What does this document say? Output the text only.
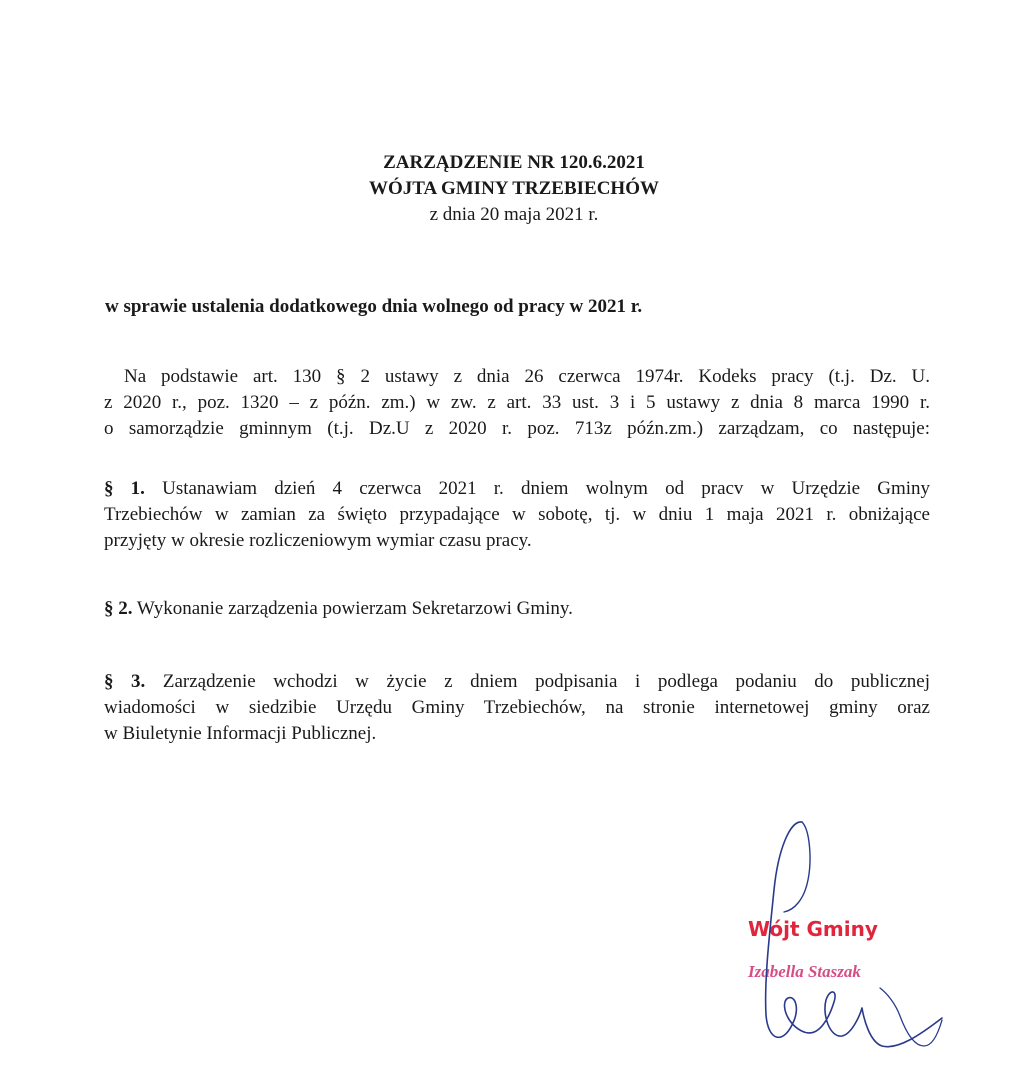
ZARZĄDZENIE NR 120.6.2021
WÓJTA GMINY TRZEBIECHÓW
z dnia 20 maja 2021 r.
w sprawie ustalenia dodatkowego dnia wolnego od pracy w 2021 r.
Na podstawie art. 130 § 2 ustawy z dnia 26 czerwca 1974r. Kodeks pracy (t.j. Dz. U.
z 2020 r., poz. 1320 – z późn. zm.) w zw. z art. 33 ust. 3 i 5 ustawy z dnia 8 marca 1990 r.
o samorządzie gminnym (t.j. Dz.U z 2020 r. poz. 713z późn.zm.) zarządzam, co następuje:
§ 1. Ustanawiam dzień 4 czerwca 2021 r. dniem wolnym od pracv w Urzędzie Gminy
Trzebiechów w zamian za święto przypadające w sobotę, tj. w dniu 1 maja 2021 r. obniżające
przyjęty w okresie rozliczeniowym wymiar czasu pracy.
§ 2. Wykonanie zarządzenia powierzam Sekretarzowi Gminy.
§ 3. Zarządzenie wchodzi w życie z dniem podpisania i podlega podaniu do publicznej
wiadomości w siedzibie Urzędu Gminy Trzebiechów, na stronie internetowej gminy oraz
w Biuletynie Informacji Publicznej.
Wójt Gminy
Izabella Staszak
